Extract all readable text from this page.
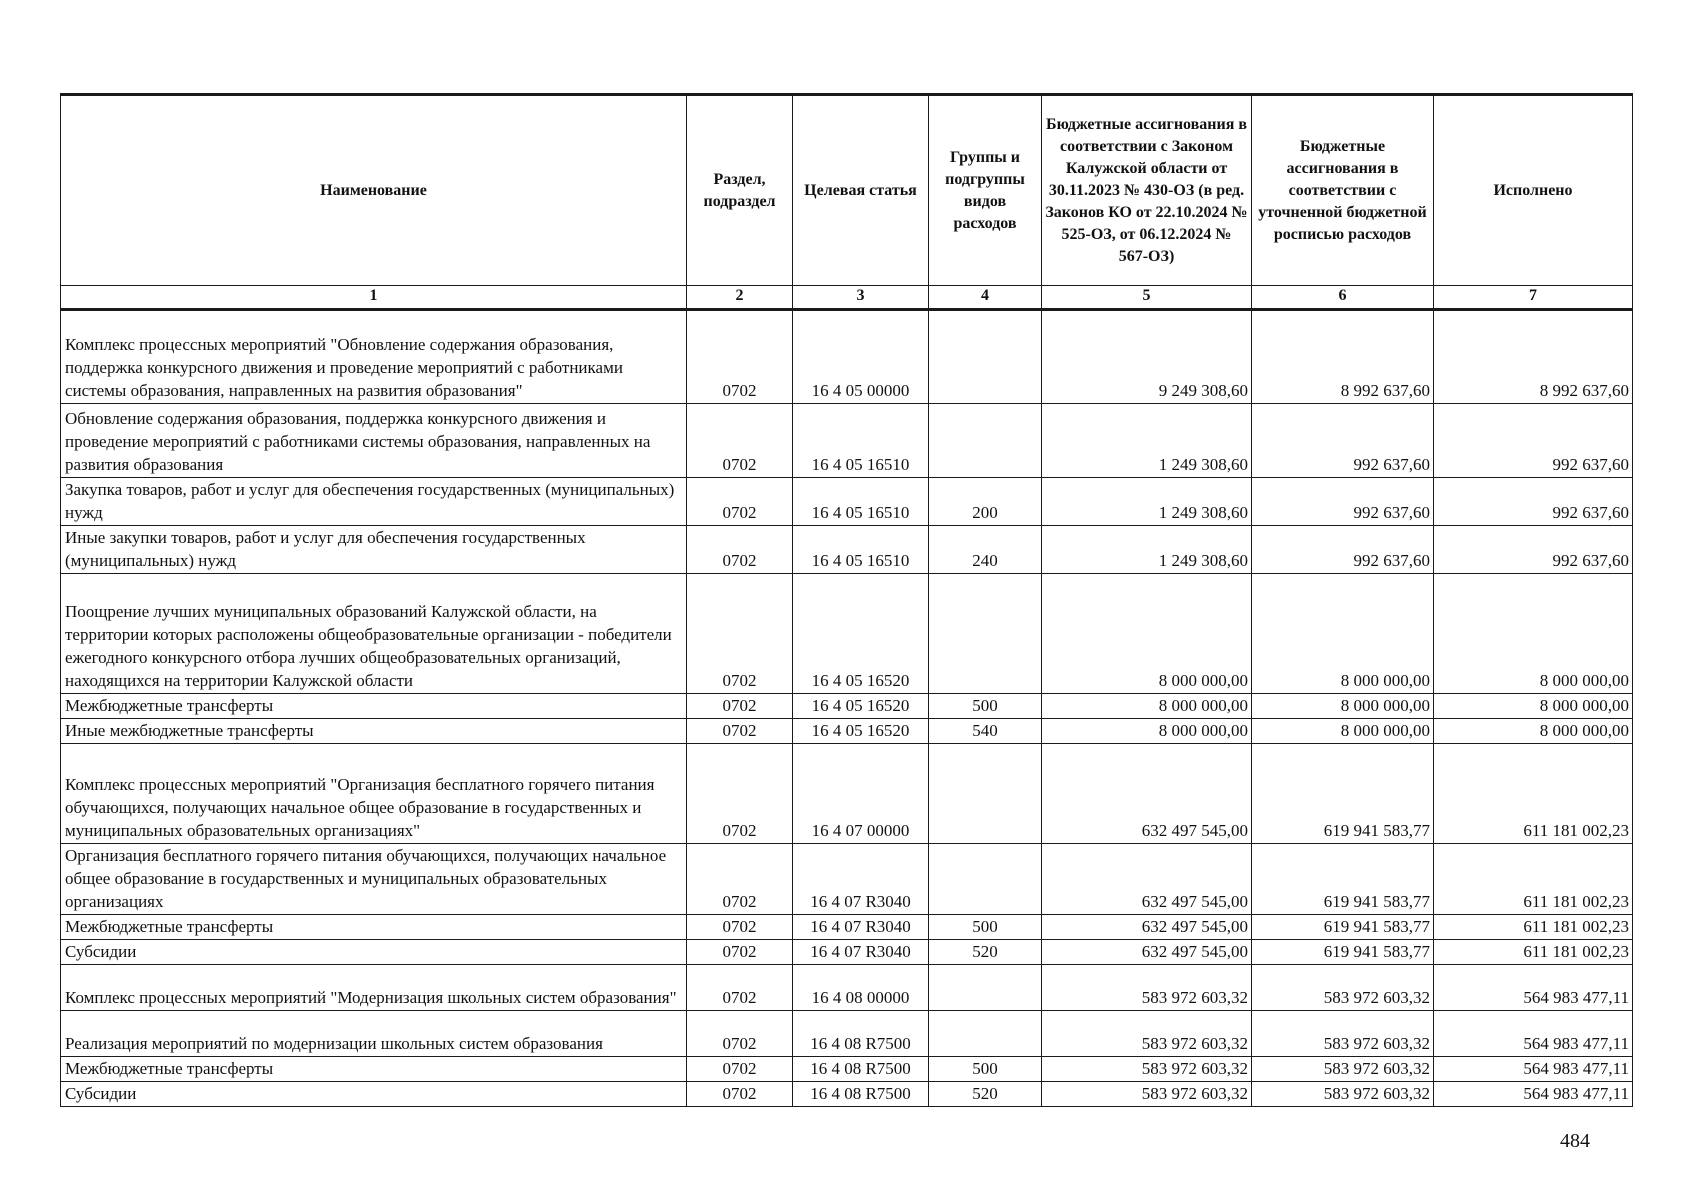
Наименование	Раздел, подраздел	Целевая статья	Группы и подгруппы видов расходов	Бюджетные ассигнования в соответствии с Законом Калужской области от 30.11.2023 № 430-ОЗ (в ред. Законов КО от 22.10.2024 № 525-ОЗ, от 06.12.2024 № 567-ОЗ)	Бюджетные ассигнования в соответствии с уточненной бюджетной росписью расходов	Исполнено
1	2	3	4	5	6	7
Комплекс процессных мероприятий "Обновление содержания образования, поддержка конкурсного движения и проведение мероприятий с работниками системы образования, направленных на развития образования"	0702	16 4 05 00000		9 249 308,60	8 992 637,60	8 992 637,60
Обновление содержания образования, поддержка конкурсного движения и проведение мероприятий с работниками системы образования, направленных на развития образования	0702	16 4 05 16510		1 249 308,60	992 637,60	992 637,60
Закупка товаров, работ и услуг для обеспечения государственных (муниципальных) нужд	0702	16 4 05 16510	200	1 249 308,60	992 637,60	992 637,60
Иные закупки товаров, работ и услуг для обеспечения государственных (муниципальных) нужд	0702	16 4 05 16510	240	1 249 308,60	992 637,60	992 637,60
Поощрение лучших муниципальных образований Калужской области, на территории которых расположены общеобразовательные организации - победители ежегодного конкурсного отбора лучших общеобразовательных организаций, находящихся на территории Калужской области	0702	16 4 05 16520		8 000 000,00	8 000 000,00	8 000 000,00
Межбюджетные трансферты	0702	16 4 05 16520	500	8 000 000,00	8 000 000,00	8 000 000,00
Иные межбюджетные трансферты	0702	16 4 05 16520	540	8 000 000,00	8 000 000,00	8 000 000,00
Комплекс процессных мероприятий "Организация бесплатного горячего питания обучающихся, получающих начальное общее образование в государственных и муниципальных образовательных организациях"	0702	16 4 07 00000		632 497 545,00	619 941 583,77	611 181 002,23
Организация бесплатного горячего питания обучающихся, получающих начальное общее образование в государственных и муниципальных образовательных организациях	0702	16 4 07 R3040		632 497 545,00	619 941 583,77	611 181 002,23
Межбюджетные трансферты	0702	16 4 07 R3040	500	632 497 545,00	619 941 583,77	611 181 002,23
Субсидии	0702	16 4 07 R3040	520	632 497 545,00	619 941 583,77	611 181 002,23
Комплекс процессных мероприятий "Модернизация школьных систем образования"	0702	16 4 08 00000		583 972 603,32	583 972 603,32	564 983 477,11
Реализация мероприятий по модернизации школьных систем образования	0702	16 4 08 R7500		583 972 603,32	583 972 603,32	564 983 477,11
Межбюджетные трансферты	0702	16 4 08 R7500	500	583 972 603,32	583 972 603,32	564 983 477,11
Субсидии	0702	16 4 08 R7500	520	583 972 603,32	583 972 603,32	564 983 477,11
484
